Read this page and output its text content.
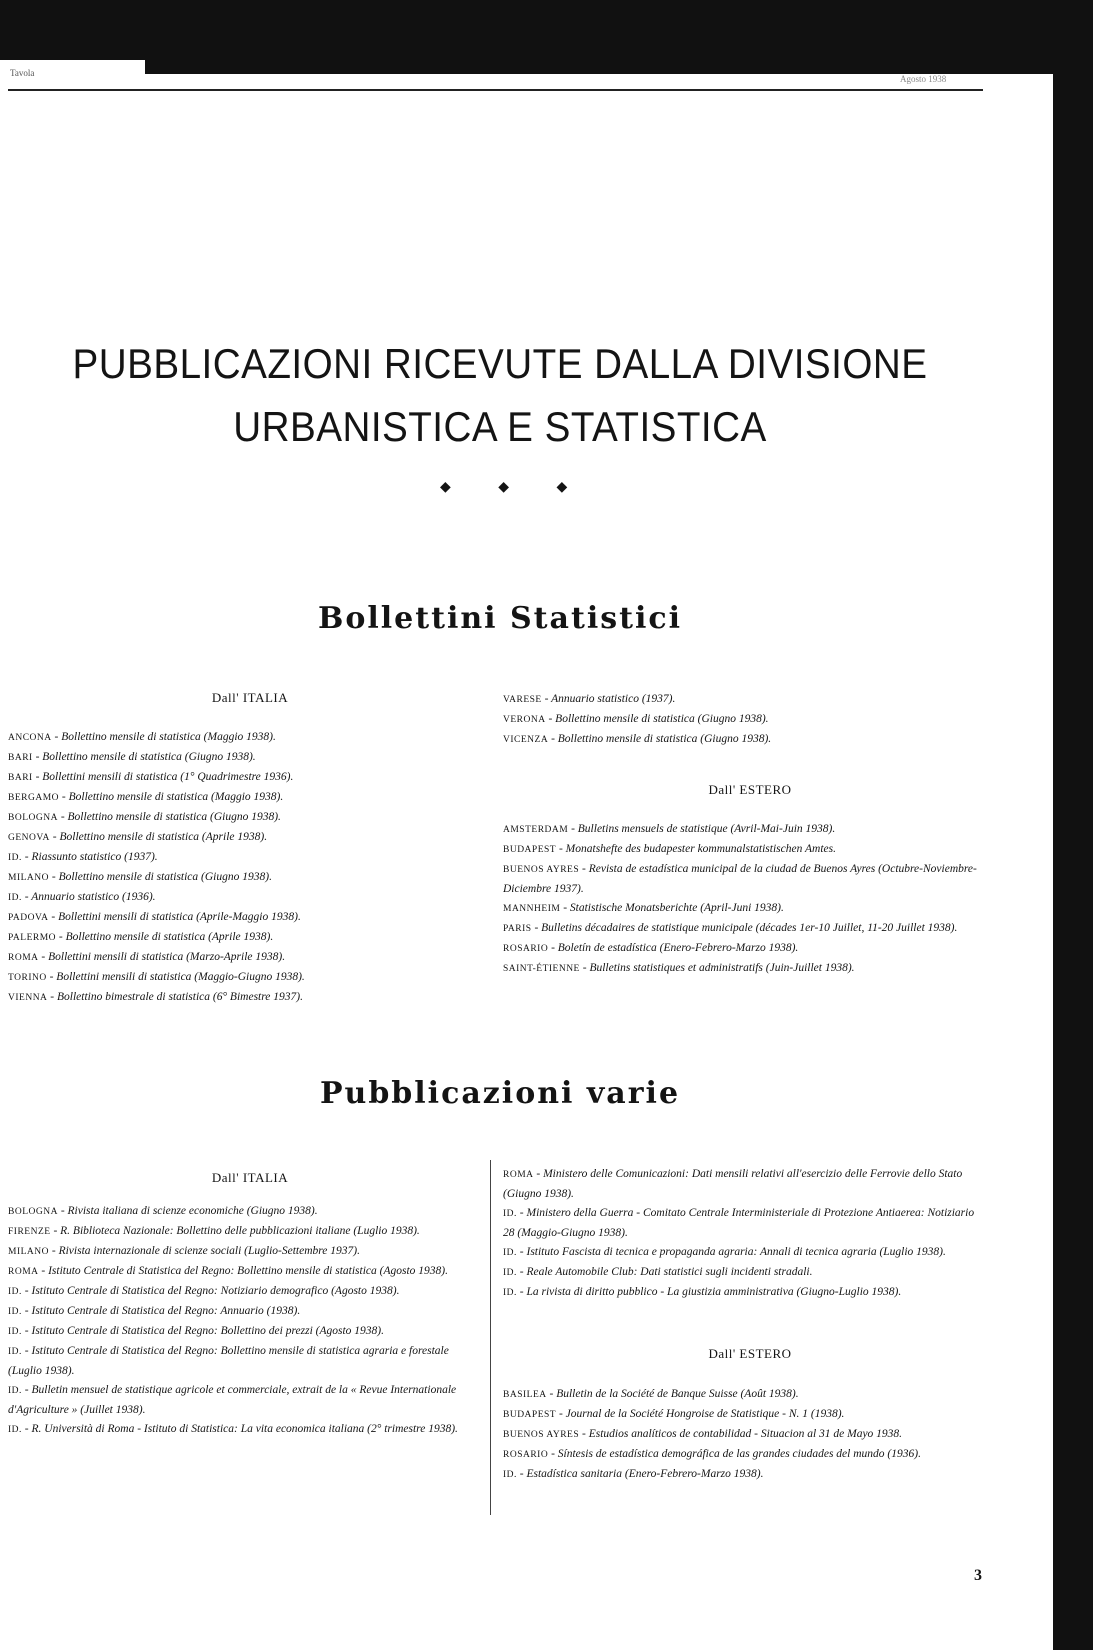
Tavola
Agosto 1938
PUBBLICAZIONI RICEVUTE DALLA DIVISIONE
URBANISTICA E STATISTICA
◆ ◆ ◆
Bollettini Statistici
Dall' ITALIA
ANCONA - Bollettino mensile di statistica (Maggio 1938).
BARI - Bollettino mensile di statistica (Giugno 1938).
BARI - Bollettini mensili di statistica (1° Quadrimestre 1936).
BERGAMO - Bollettino mensile di statistica (Maggio 1938).
BOLOGNA - Bollettino mensile di statistica (Giugno 1938).
GENOVA - Bollettino mensile di statistica (Aprile 1938).
ID. - Riassunto statistico (1937).
MILANO - Bollettino mensile di statistica (Giugno 1938).
ID. - Annuario statistico (1936).
PADOVA - Bollettini mensili di statistica (Aprile-Maggio 1938).
PALERMO - Bollettino mensile di statistica (Aprile 1938).
ROMA - Bollettini mensili di statistica (Marzo-Aprile 1938).
TORINO - Bollettini mensili di statistica (Maggio-Giugno 1938).
VIENNA - Bollettino bimestrale di statistica (6° Bimestre 1937).
VARESE - Annuario statistico (1937).
VERONA - Bollettino mensile di statistica (Giugno 1938).
VICENZA - Bollettino mensile di statistica (Giugno 1938).
Dall' ESTERO
AMSTERDAM - Bulletins mensuels de statistique (Avril-Mai-Juin 1938).
BUDAPEST - Monatshefte des budapester kommunalstatistischen Amtes.
BUENOS AYRES - Revista de estadística municipal de la ciudad de Buenos Ayres (Octubre-Noviembre-Diciembre 1937).
MANNHEIM - Statistische Monatsberichte (April-Juni 1938).
PARIS - Bulletins décadaires de statistique municipale (décades 1er-10 Juillet, 11-20 Juillet 1938).
ROSARIO - Boletín de estadística (Enero-Febrero-Marzo 1938).
SAINT-ÉTIENNE - Bulletins statistiques et administratifs (Juin-Juillet 1938).
Pubblicazioni varie
Dall' ITALIA
BOLOGNA - Rivista italiana di scienze economiche (Giugno 1938).
FIRENZE - R. Biblioteca Nazionale: Bollettino delle pubblicazioni italiane (Luglio 1938).
MILANO - Rivista internazionale di scienze sociali (Luglio-Settembre 1937).
ROMA - Istituto Centrale di Statistica del Regno: Bollettino mensile di statistica (Agosto 1938).
ID. - Istituto Centrale di Statistica del Regno: Notiziario demografico (Agosto 1938).
ID. - Istituto Centrale di Statistica del Regno: Annuario (1938).
ID. - Istituto Centrale di Statistica del Regno: Bollettino dei prezzi (Agosto 1938).
ID. - Istituto Centrale di Statistica del Regno: Bollettino mensile di statistica agraria e forestale (Luglio 1938).
ID. - Bulletin mensuel de statistique agricole et commerciale, extrait de la « Revue Internationale d'Agriculture » (Juillet 1938).
ID. - R. Università di Roma - Istituto di Statistica: La vita economica italiana (2° trimestre 1938).
ROMA - Ministero delle Comunicazioni: Dati mensili relativi all'esercizio delle Ferrovie dello Stato (Giugno 1938).
ID. - Ministero della Guerra - Comitato Centrale Interministeriale di Protezione Antiaerea: Notiziario 28 (Maggio-Giugno 1938).
ID. - Istituto Fascista di tecnica e propaganda agraria: Annali di tecnica agraria (Luglio 1938).
ID. - Reale Automobile Club: Dati statistici sugli incidenti stradali.
ID. - La rivista di diritto pubblico - La giustizia amministrativa (Giugno-Luglio 1938).
Dall' ESTERO
BASILEA - Bulletin de la Société de Banque Suisse (Août 1938).
BUDAPEST - Journal de la Société Hongroise de Statistique - N. 1 (1938).
BUENOS AYRES - Estudios analíticos de contabilidad - Situacion al 31 de Mayo 1938.
ROSARIO - Síntesis de estadística demográfica de las grandes ciudades del mundo (1936).
ID. - Estadística sanitaria (Enero-Febrero-Marzo 1938).
3
